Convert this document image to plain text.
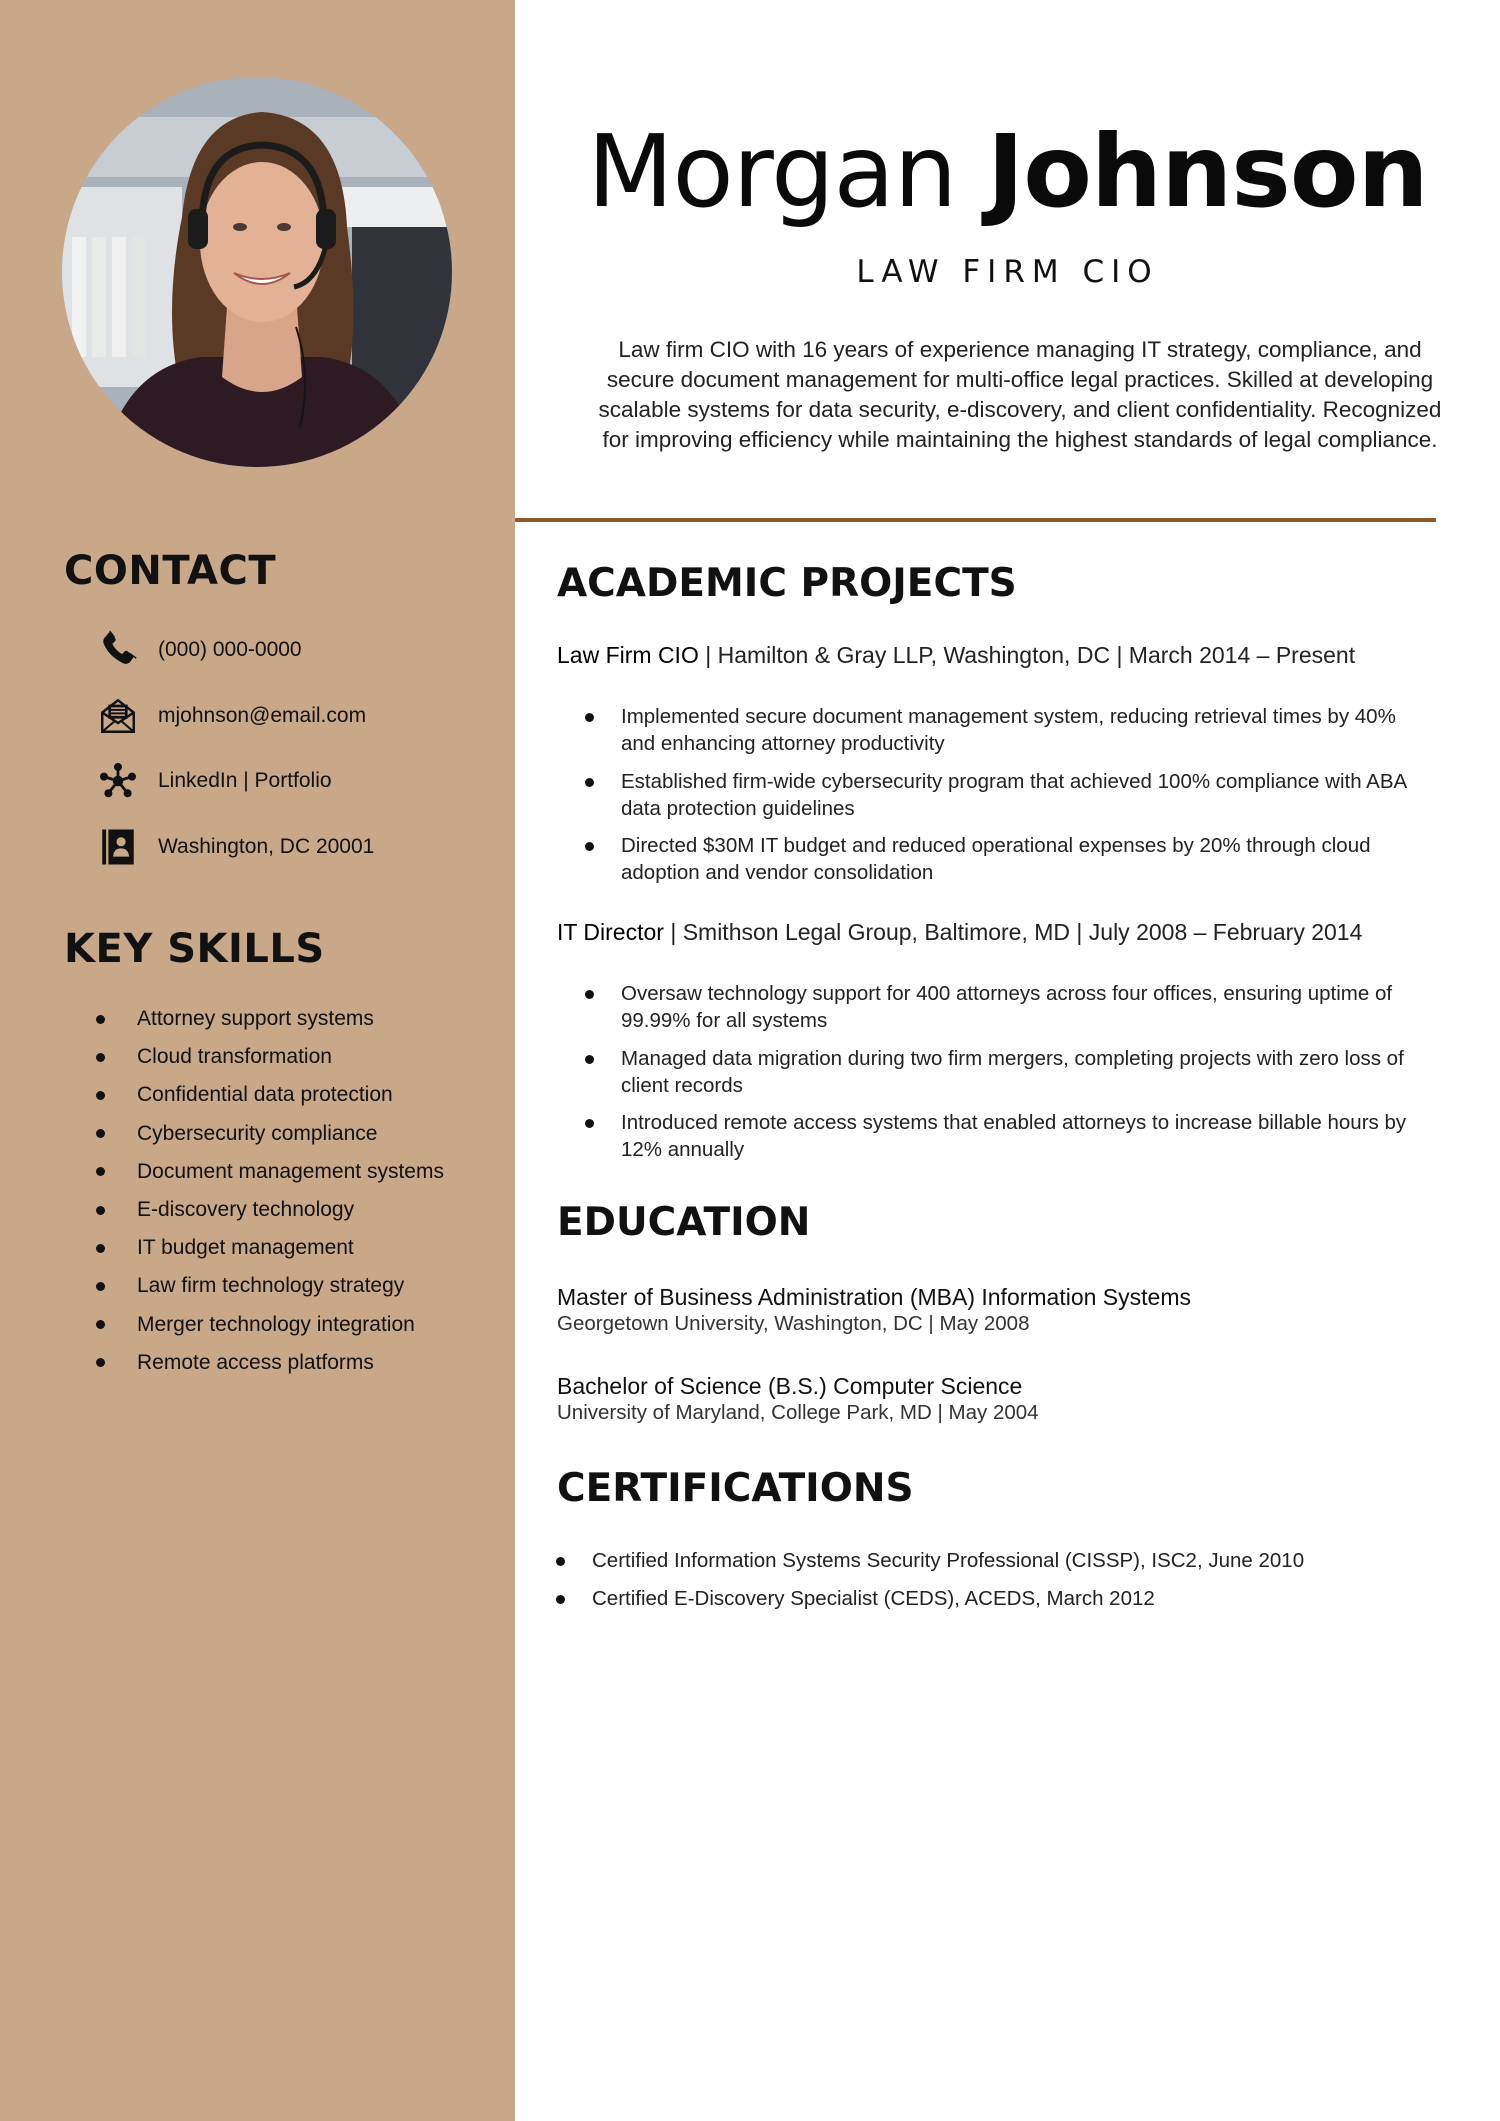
CONTACT
(000) 000-0000
mjohnson@email.com
LinkedIn | Portfolio
Washington, DC 20001
KEY SKILLS
Attorney support systems
Cloud transformation
Confidential data protection
Cybersecurity compliance
Document management systems
E-discovery technology
IT budget management
Law firm technology strategy
Merger technology integration
Remote access platforms
Morgan Johnson
LAW FIRM CIO
Law firm CIO with 16 years of experience managing IT strategy, compliance, and secure document management for multi-office legal practices. Skilled at developing scalable systems for data security, e-discovery, and client confidentiality. Recognized for improving efficiency while maintaining the highest standards of legal compliance.
ACADEMIC PROJECTS
Law Firm CIO | Hamilton & Gray LLP, Washington, DC | March 2014 – Present
Implemented secure document management system, reducing retrieval times by 40% and enhancing attorney productivity
Established firm-wide cybersecurity program that achieved 100% compliance with ABA data protection guidelines
Directed $30M IT budget and reduced operational expenses by 20% through cloud adoption and vendor consolidation
IT Director | Smithson Legal Group, Baltimore, MD | July 2008 – February 2014
Oversaw technology support for 400 attorneys across four offices, ensuring uptime of 99.99% for all systems
Managed data migration during two firm mergers, completing projects with zero loss of client records
Introduced remote access systems that enabled attorneys to increase billable hours by 12% annually
EDUCATION
Master of Business Administration (MBA) Information Systems
Georgetown University, Washington, DC | May 2008
Bachelor of Science (B.S.) Computer Science
University of Maryland, College Park, MD | May 2004
CERTIFICATIONS
Certified Information Systems Security Professional (CISSP), ISC2, June 2010
Certified E-Discovery Specialist (CEDS), ACEDS, March 2012
